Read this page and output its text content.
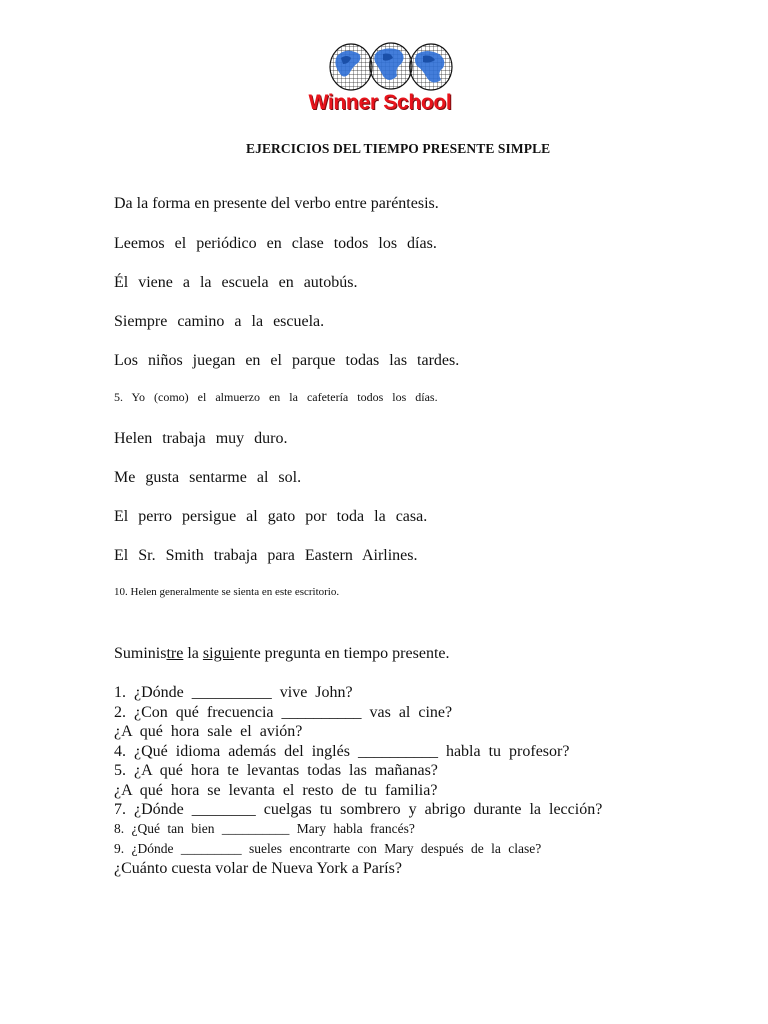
Winner School
EJERCICIOS DEL TIEMPO PRESENTE SIMPLE
Da la forma en presente del verbo entre paréntesis.
Leemos el periódico en clase todos los días.
Él viene a la escuela en autobús.
Siempre camino a la escuela.
Los niños juegan en el parque todas las tardes.
5. Yo (como) el almuerzo en la cafetería todos los días.
Helen trabaja muy duro.
Me gusta sentarme al sol.
El perro persigue al gato por toda la casa.
El Sr. Smith trabaja para Eastern Airlines.
10. Helen generalmente se sienta en este escritorio.
Suministre la siguiente pregunta en tiempo presente.
1. ¿Dónde __________ vive John?
2. ¿Con qué frecuencia __________ vas al cine?
¿A qué hora sale el avión?
4. ¿Qué idioma además del inglés __________ habla tu profesor?
5. ¿A qué hora te levantas todas las mañanas?
¿A qué hora se levanta el resto de tu familia?
7. ¿Dónde ________ cuelgas tu sombrero y abrigo durante la lección?
8. ¿Qué tan bien __________ Mary habla francés?
9. ¿Dónde _________ sueles encontrarte con Mary después de la clase?
¿Cuánto cuesta volar de Nueva York a París?
